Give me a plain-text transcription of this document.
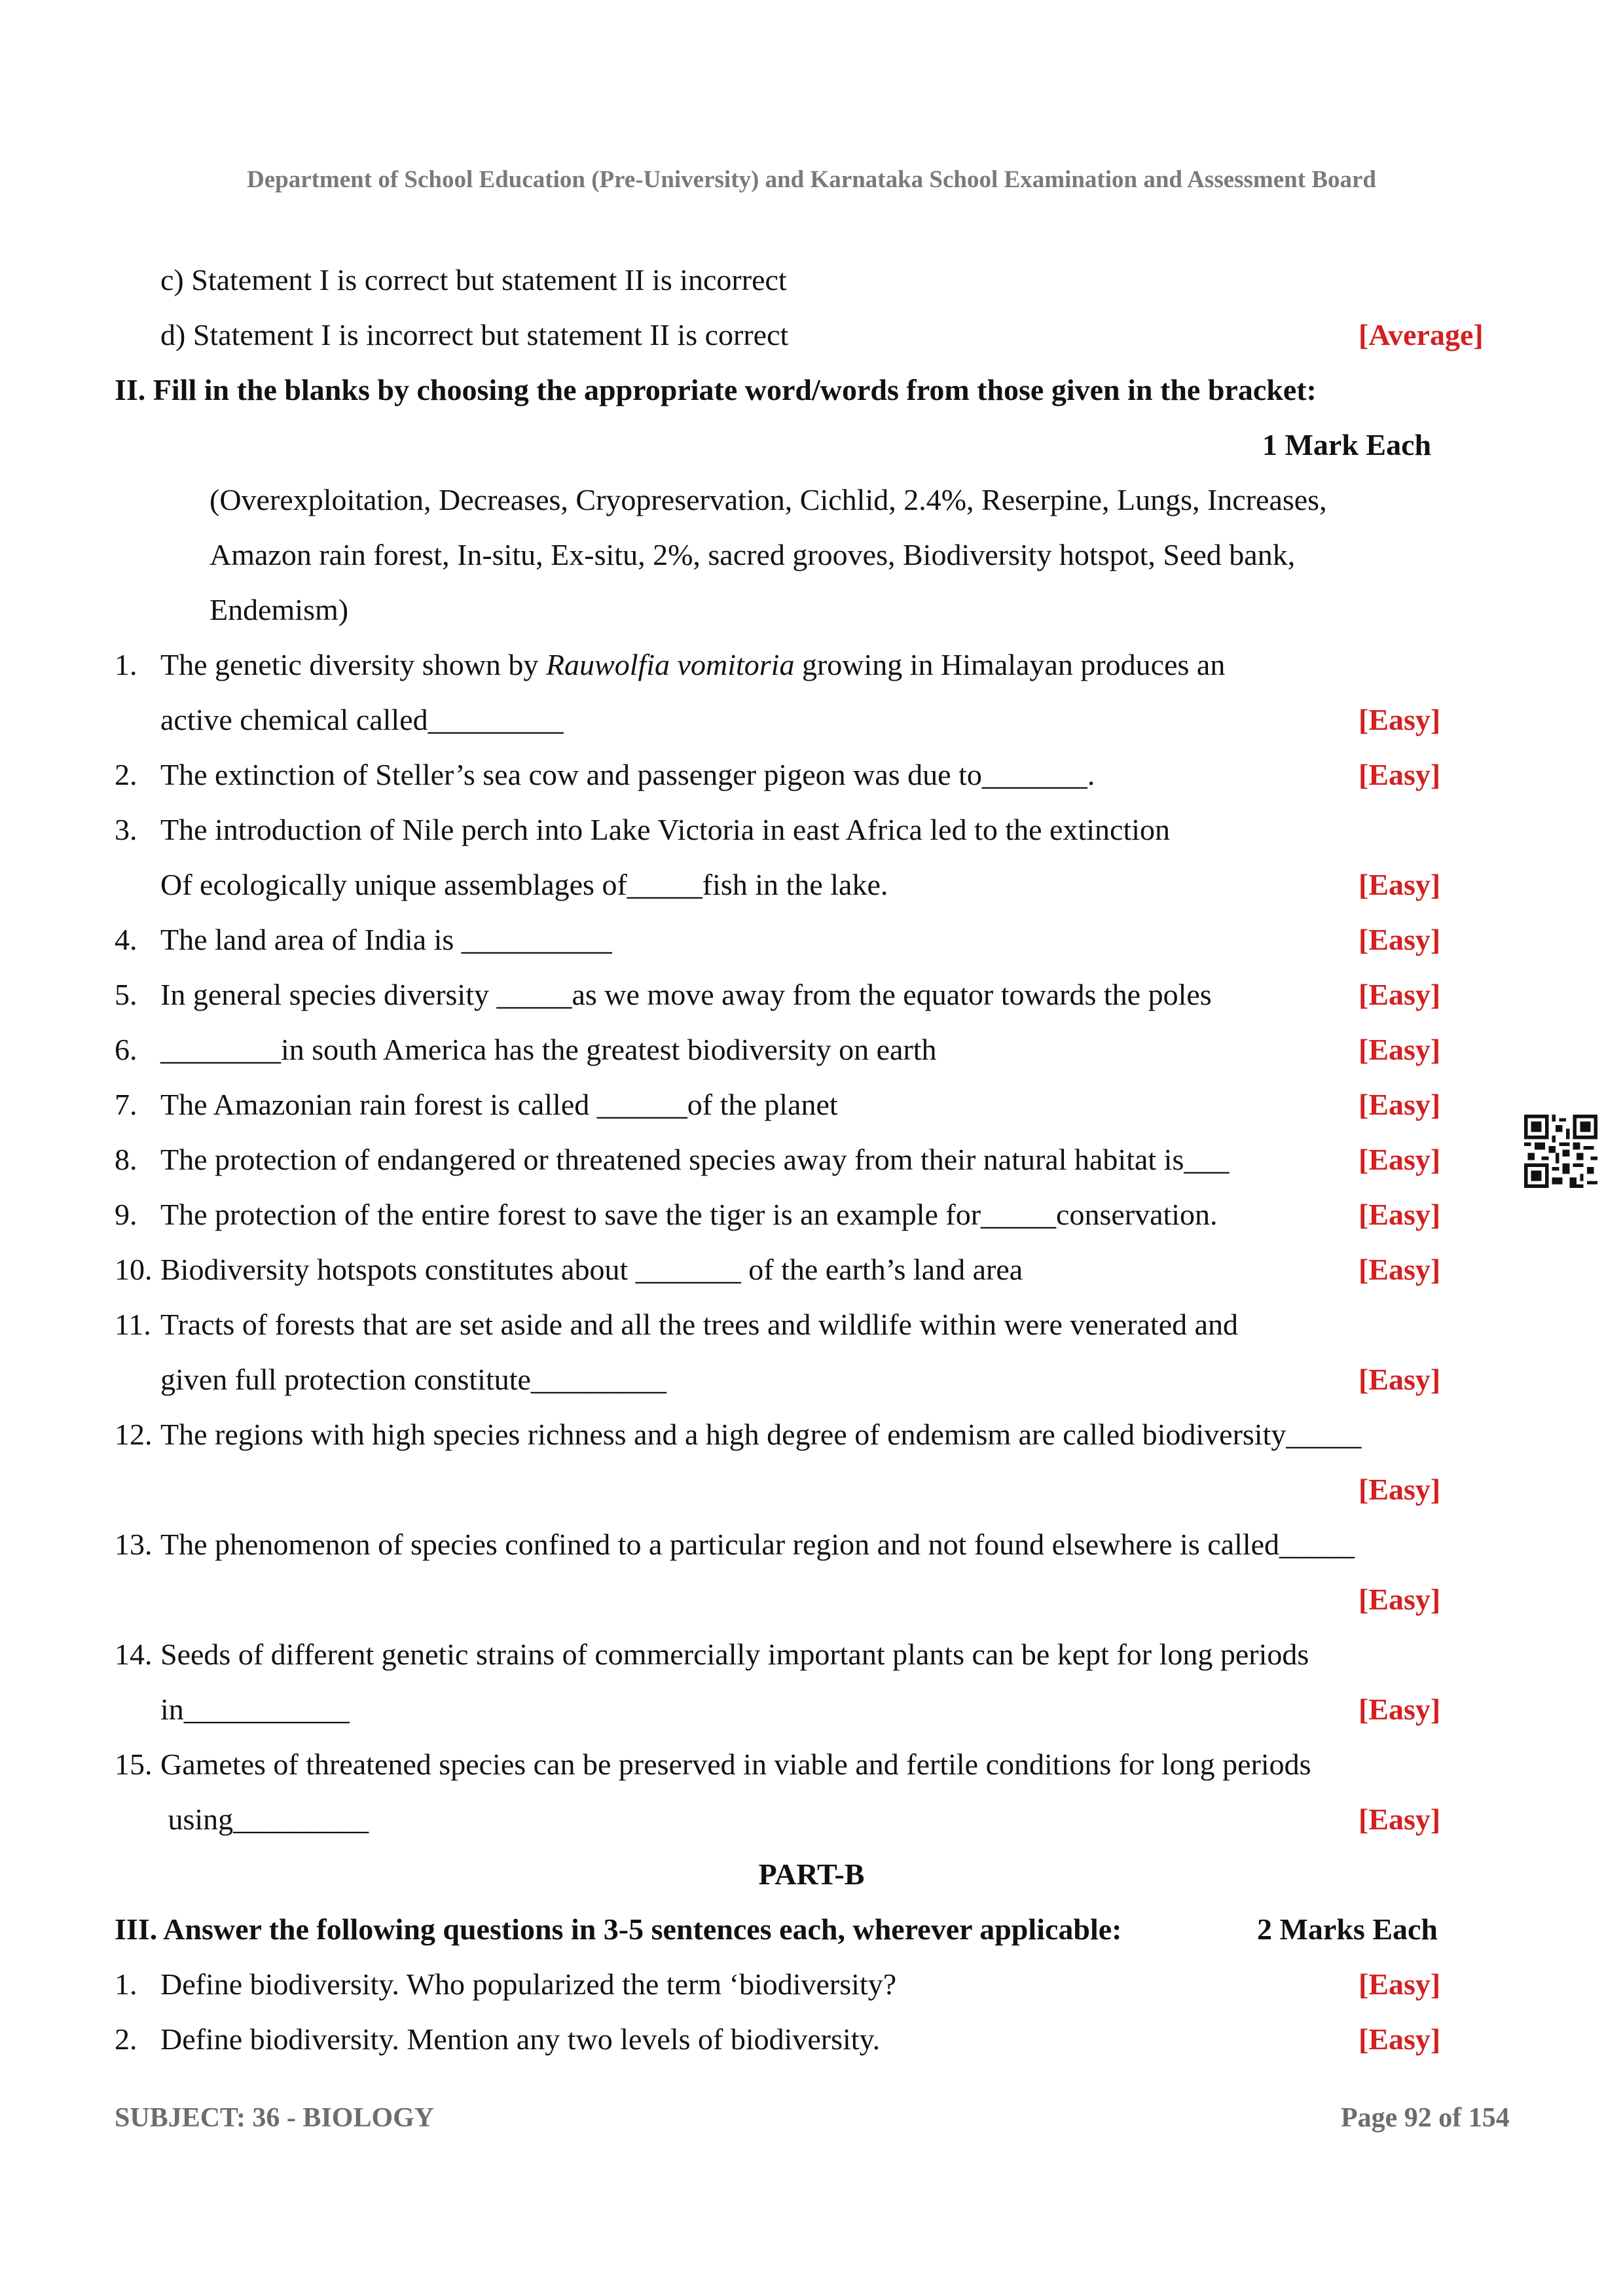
Department of School Education (Pre-University) and Karnataka School Examination and Assessment Board
c) Statement I is correct but statement II is incorrect
d) Statement I is incorrect but statement II is correct	[Average]
II. Fill in the blanks by choosing the appropriate word/words from those given in the bracket:
1 Mark Each
(Overexploitation, Decreases, Cryopreservation, Cichlid, 2.4%, Reserpine, Lungs, Increases,
Amazon rain forest, In-situ, Ex-situ, 2%, sacred grooves, Biodiversity hotspot, Seed bank,
Endemism)
1. The genetic diversity shown by Rauwolfia vomitoria growing in Himalayan produces an
active chemical called_________	[Easy]
2. The extinction of Steller’s sea cow and passenger pigeon was due to_______.	[Easy]
3. The introduction of Nile perch into Lake Victoria in east Africa led to the extinction
Of ecologically unique assemblages of_____fish in the lake.	[Easy]
4. The land area of India is __________	[Easy]
5. In general species diversity _____as we move away from the equator towards the poles	[Easy]
6. ________in south America has the greatest biodiversity on earth	[Easy]
7. The Amazonian rain forest is called ______of the planet	[Easy]
8. The protection of endangered or threatened species away from their natural habitat is___	[Easy]
9. The protection of the entire forest to save the tiger is an example for_____conservation.	[Easy]
10. Biodiversity hotspots constitutes about _______ of the earth’s land area	[Easy]
11. Tracts of forests that are set aside and all the trees and wildlife within were venerated and
given full protection constitute_________	[Easy]
12. The regions with high species richness and a high degree of endemism are called biodiversity_____
[Easy]
13. The phenomenon of species confined to a particular region and not found elsewhere is called_____
[Easy]
14. Seeds of different genetic strains of commercially important plants can be kept for long periods
in___________	[Easy]
15. Gametes of threatened species can be preserved in viable and fertile conditions for long periods
using_________	[Easy]
PART-B
III. Answer the following questions in 3-5 sentences each, wherever applicable:	2 Marks Each
1. Define biodiversity. Who popularized the term ‘biodiversity?	[Easy]
2. Define biodiversity. Mention any two levels of biodiversity.	[Easy]
SUBJECT: 36 - BIOLOGY	Page 92 of 154
